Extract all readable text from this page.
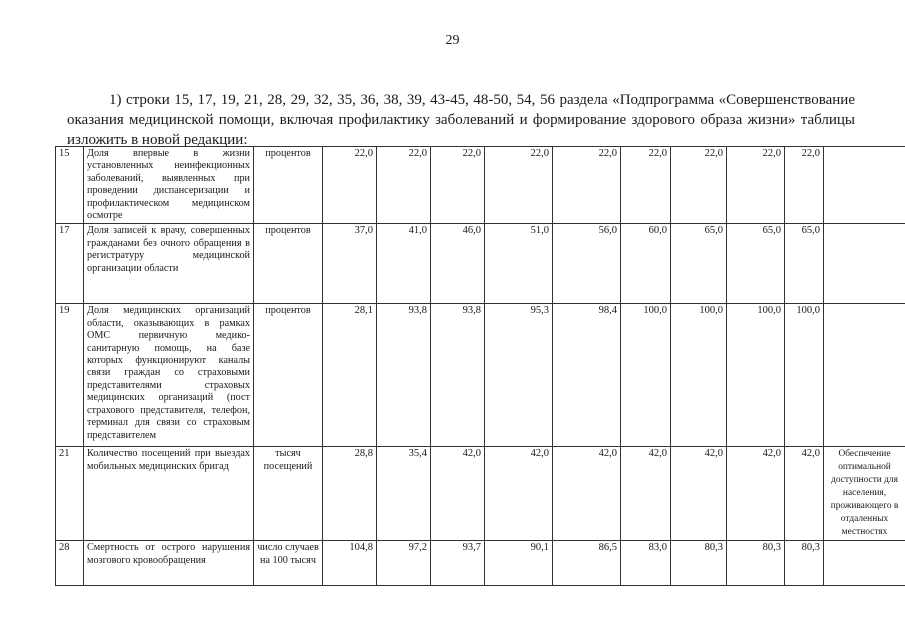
29
1) строки 15, 17, 19, 21, 28, 29, 32, 35, 36, 38, 39, 43-45, 48-50, 54, 56 раздела «Подпрограмма «Совершенствование оказания медицинской помощи, включая профилактику заболеваний и формирование здорового образа жизни» таблицы изложить в новой редакции:
15	Доля впервые в жизни установленных неинфекционных заболеваний, выявленных при проведении диспансеризации и профилактическом медицинском осмотре	процентов	22,0	22,0	22,0	22,0	22,0	22,0	22,0	22,0	22,0	
17	Доля записей к врачу, совершенных гражданами без очного обращения в регистратуру медицинской организации области	процентов	37,0	41,0	46,0	51,0	56,0	60,0	65,0	65,0	65,0	
19	Доля медицинских организаций области, оказывающих в рамках ОМС первичную медико-санитарную помощь, на базе которых функционируют каналы связи граждан со страховыми представителями страховых медицинских организаций (пост страхового представителя, телефон, терминал для связи со страховым представителем	процентов	28,1	93,8	93,8	95,3	98,4	100,0	100,0	100,0	100,0	
21	Количество посещений при выездах мобильных медицинских бригад	тысяч посещений	28,8	35,4	42,0	42,0	42,0	42,0	42,0	42,0	42,0	Обеспечение оптимальной доступности для населения, проживающего в отдаленных местностях
28	Смертность от острого нарушения мозгового кровообращения	число случаев на 100 тысяч	104,8	97,2	93,7	90,1	86,5	83,0	80,3	80,3	80,3	
